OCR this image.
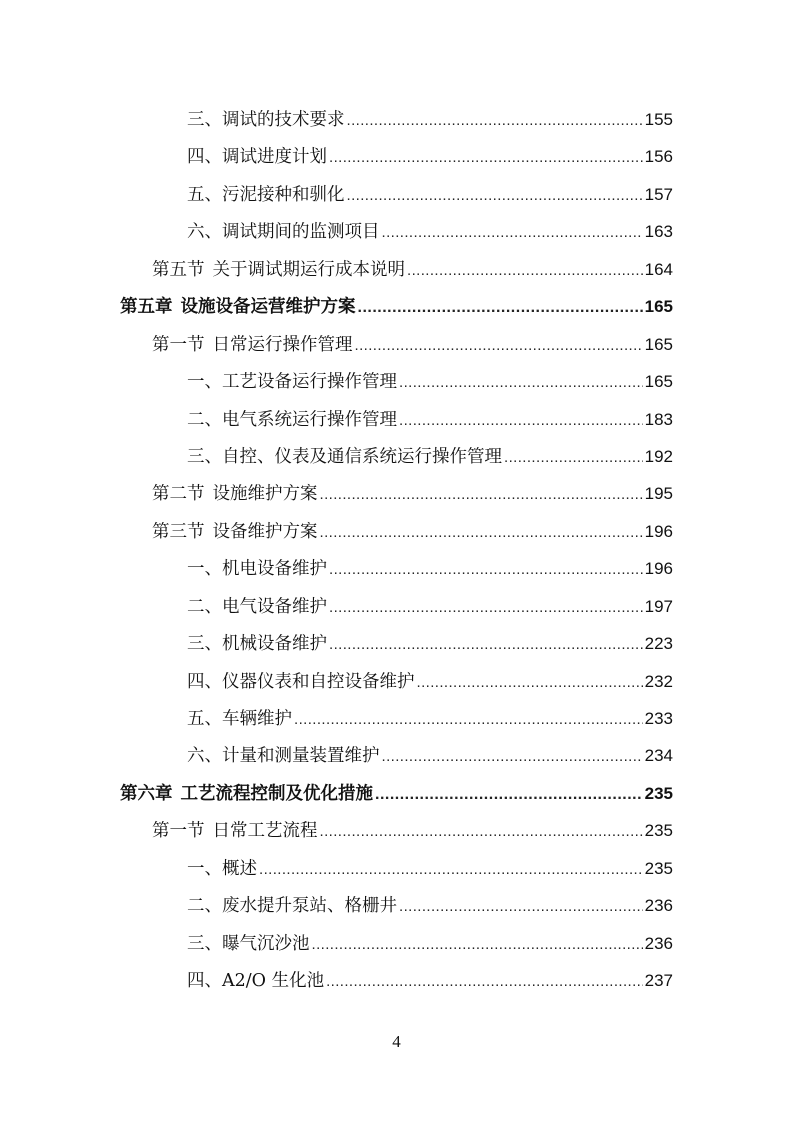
三、调试的技术要求 .....	155
四、调试进度计划 .....	156
五、污泥接种和驯化 .....	157
六、调试期间的监测项目 .....	163
第五节 关于调试期运行成本说明 .....	164
第五章 设施设备运营维护方案 .....	165
第一节 日常运行操作管理 .....	165
一、工艺设备运行操作管理 .....	165
二、电气系统运行操作管理 .....	183
三、自控、仪表及通信系统运行操作管理 .....	192
第二节 设施维护方案 .....	195
第三节 设备维护方案 .....	196
一、机电设备维护 .....	196
二、电气设备维护 .....	197
三、机械设备维护 .....	223
四、仪器仪表和自控设备维护 .....	232
五、车辆维护 .....	233
六、计量和测量装置维护 .....	234
第六章 工艺流程控制及优化措施 .....	235
第一节 日常工艺流程 .....	235
一、概述 .....	235
二、废水提升泵站、格栅井 .....	236
三、曝气沉沙池 .....	236
四、A2/O 生化池 .....	237
4
